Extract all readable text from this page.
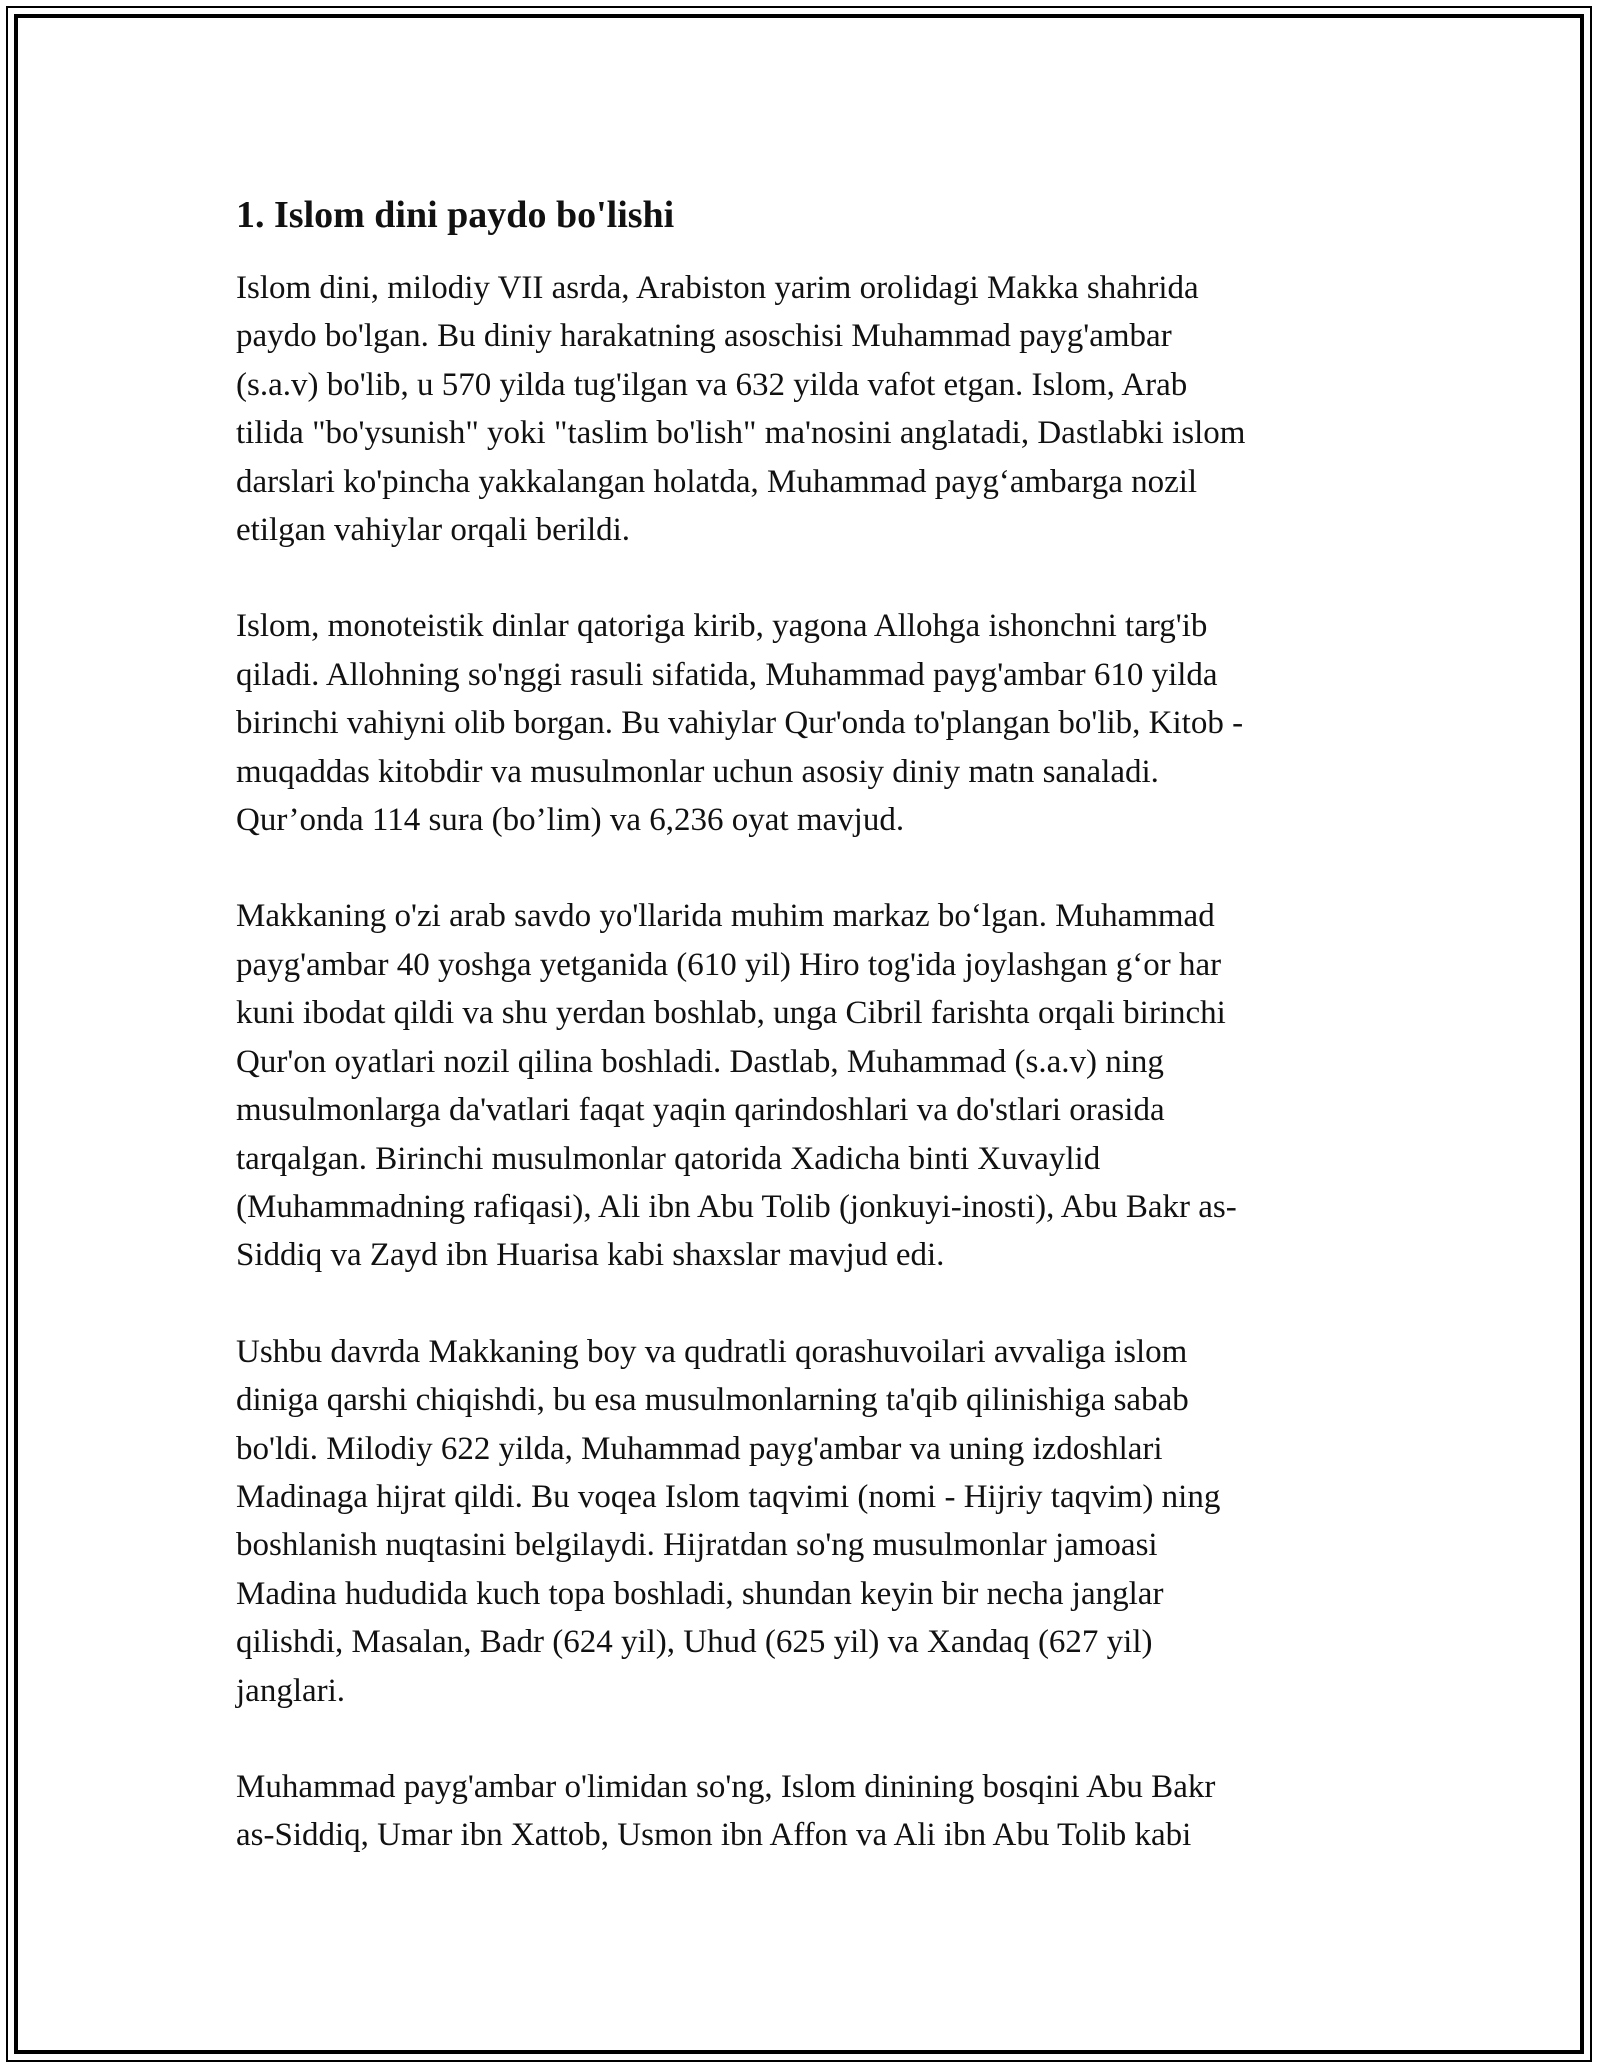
1. Islom dini paydo bo'lishi

Islom dini, milodiy VII asrda, Arabiston yarim orolidagi Makka shahrida
paydo bo'lgan. Bu diniy harakatning asoschisi Muhammad payg'ambar
(s.a.v) bo'lib, u 570 yilda tug'ilgan va 632 yilda vafot etgan. Islom, Arab
tilida "bo'ysunish" yoki "taslim bo'lish" ma'nosini anglatadi, Dastlabki islom
darslari ko'pincha yakkalangan holatda, Muhammad payg‘ambarga nozil
etilgan vahiylar orqali berildi.

Islom, monoteistik dinlar qatoriga kirib, yagona Allohga ishonchni targ'ib
qiladi. Allohning so'nggi rasuli sifatida, Muhammad payg'ambar 610 yilda
birinchi vahiyni olib borgan. Bu vahiylar Qur'onda to'plangan bo'lib, Kitob -
muqaddas kitobdir va musulmonlar uchun asosiy diniy matn sanaladi.
Qur’onda 114 sura (bo’lim) va 6,236 oyat mavjud.

Makkaning o'zi arab savdo yo'llarida muhim markaz bo‘lgan. Muhammad
payg'ambar 40 yoshga yetganida (610 yil) Hiro tog'ida joylashgan g‘or har
kuni ibodat qildi va shu yerdan boshlab, unga Cibril farishta orqali birinchi
Qur'on oyatlari nozil qilina boshladi. Dastlab, Muhammad (s.a.v) ning
musulmonlarga da'vatlari faqat yaqin qarindoshlari va do'stlari orasida
tarqalgan. Birinchi musulmonlar qatorida Xadicha binti Xuvaylid
(Muhammadning rafiqasi), Ali ibn Abu Tolib (jonkuyi-inosti), Abu Bakr as-
Siddiq va Zayd ibn Huarisa kabi shaxslar mavjud edi.

Ushbu davrda Makkaning boy va qudratli qorashuvoilari avvaliga islom
diniga qarshi chiqishdi, bu esa musulmonlarning ta'qib qilinishiga sabab
bo'ldi. Milodiy 622 yilda, Muhammad payg'ambar va uning izdoshlari
Madinaga hijrat qildi. Bu voqea Islom taqvimi (nomi - Hijriy taqvim) ning
boshlanish nuqtasini belgilaydi. Hijratdan so'ng musulmonlar jamoasi
Madina hududida kuch topa boshladi, shundan keyin bir necha janglar
qilishdi, Masalan, Badr (624 yil), Uhud (625 yil) va Xandaq (627 yil)
janglari.

Muhammad payg'ambar o'limidan so'ng, Islom dinining bosqini Abu Bakr
as-Siddiq, Umar ibn Xattob, Usmon ibn Affon va Ali ibn Abu Tolib kabi
